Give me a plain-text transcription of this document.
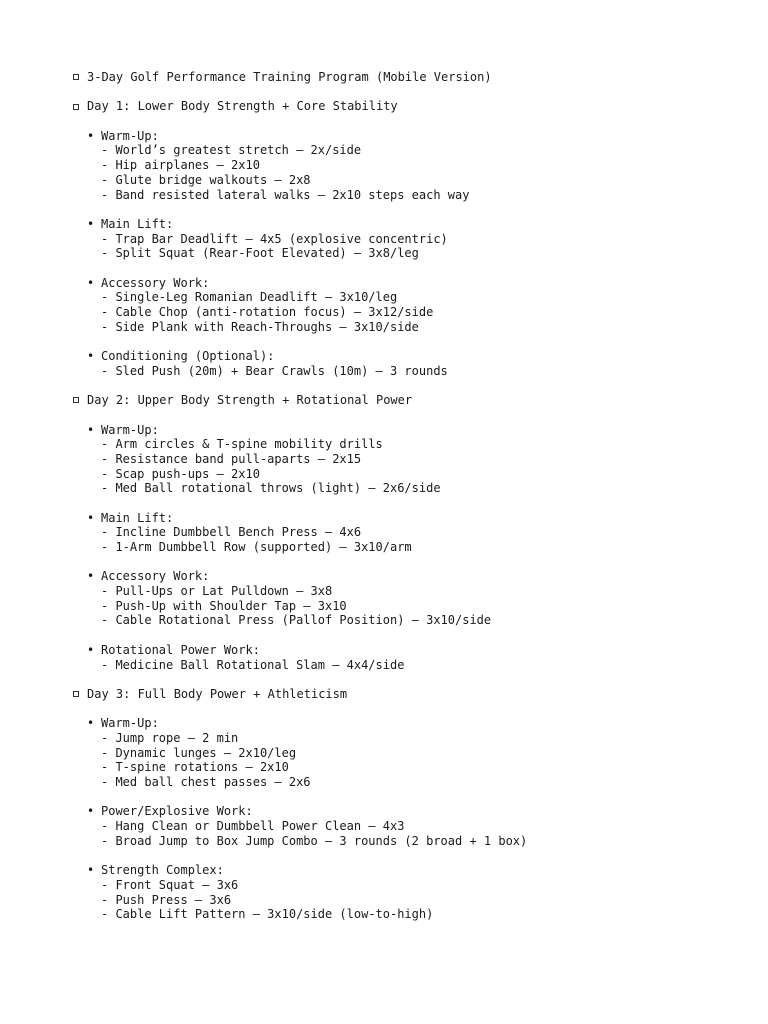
3-Day Golf Performance Training Program (Mobile Version)
Day 1: Lower Body Strength + Core Stability
• Warm-Up:
- World’s greatest stretch – 2x/side
- Hip airplanes – 2x10
- Glute bridge walkouts – 2x8
- Band resisted lateral walks – 2x10 steps each way
• Main Lift:
- Trap Bar Deadlift – 4x5 (explosive concentric)
- Split Squat (Rear-Foot Elevated) – 3x8/leg
• Accessory Work:
- Single-Leg Romanian Deadlift – 3x10/leg
- Cable Chop (anti-rotation focus) – 3x12/side
- Side Plank with Reach-Throughs – 3x10/side
• Conditioning (Optional):
- Sled Push (20m) + Bear Crawls (10m) – 3 rounds
Day 2: Upper Body Strength + Rotational Power
• Warm-Up:
- Arm circles & T-spine mobility drills
- Resistance band pull-aparts – 2x15
- Scap push-ups – 2x10
- Med Ball rotational throws (light) – 2x6/side
• Main Lift:
- Incline Dumbbell Bench Press – 4x6
- 1-Arm Dumbbell Row (supported) – 3x10/arm
• Accessory Work:
- Pull-Ups or Lat Pulldown – 3x8
- Push-Up with Shoulder Tap – 3x10
- Cable Rotational Press (Pallof Position) – 3x10/side
• Rotational Power Work:
- Medicine Ball Rotational Slam – 4x4/side
Day 3: Full Body Power + Athleticism
• Warm-Up:
- Jump rope – 2 min
- Dynamic lunges – 2x10/leg
- T-spine rotations – 2x10
- Med ball chest passes – 2x6
• Power/Explosive Work:
- Hang Clean or Dumbbell Power Clean – 4x3
- Broad Jump to Box Jump Combo – 3 rounds (2 broad + 1 box)
• Strength Complex:
- Front Squat – 3x6
- Push Press – 3x6
- Cable Lift Pattern – 3x10/side (low-to-high)
